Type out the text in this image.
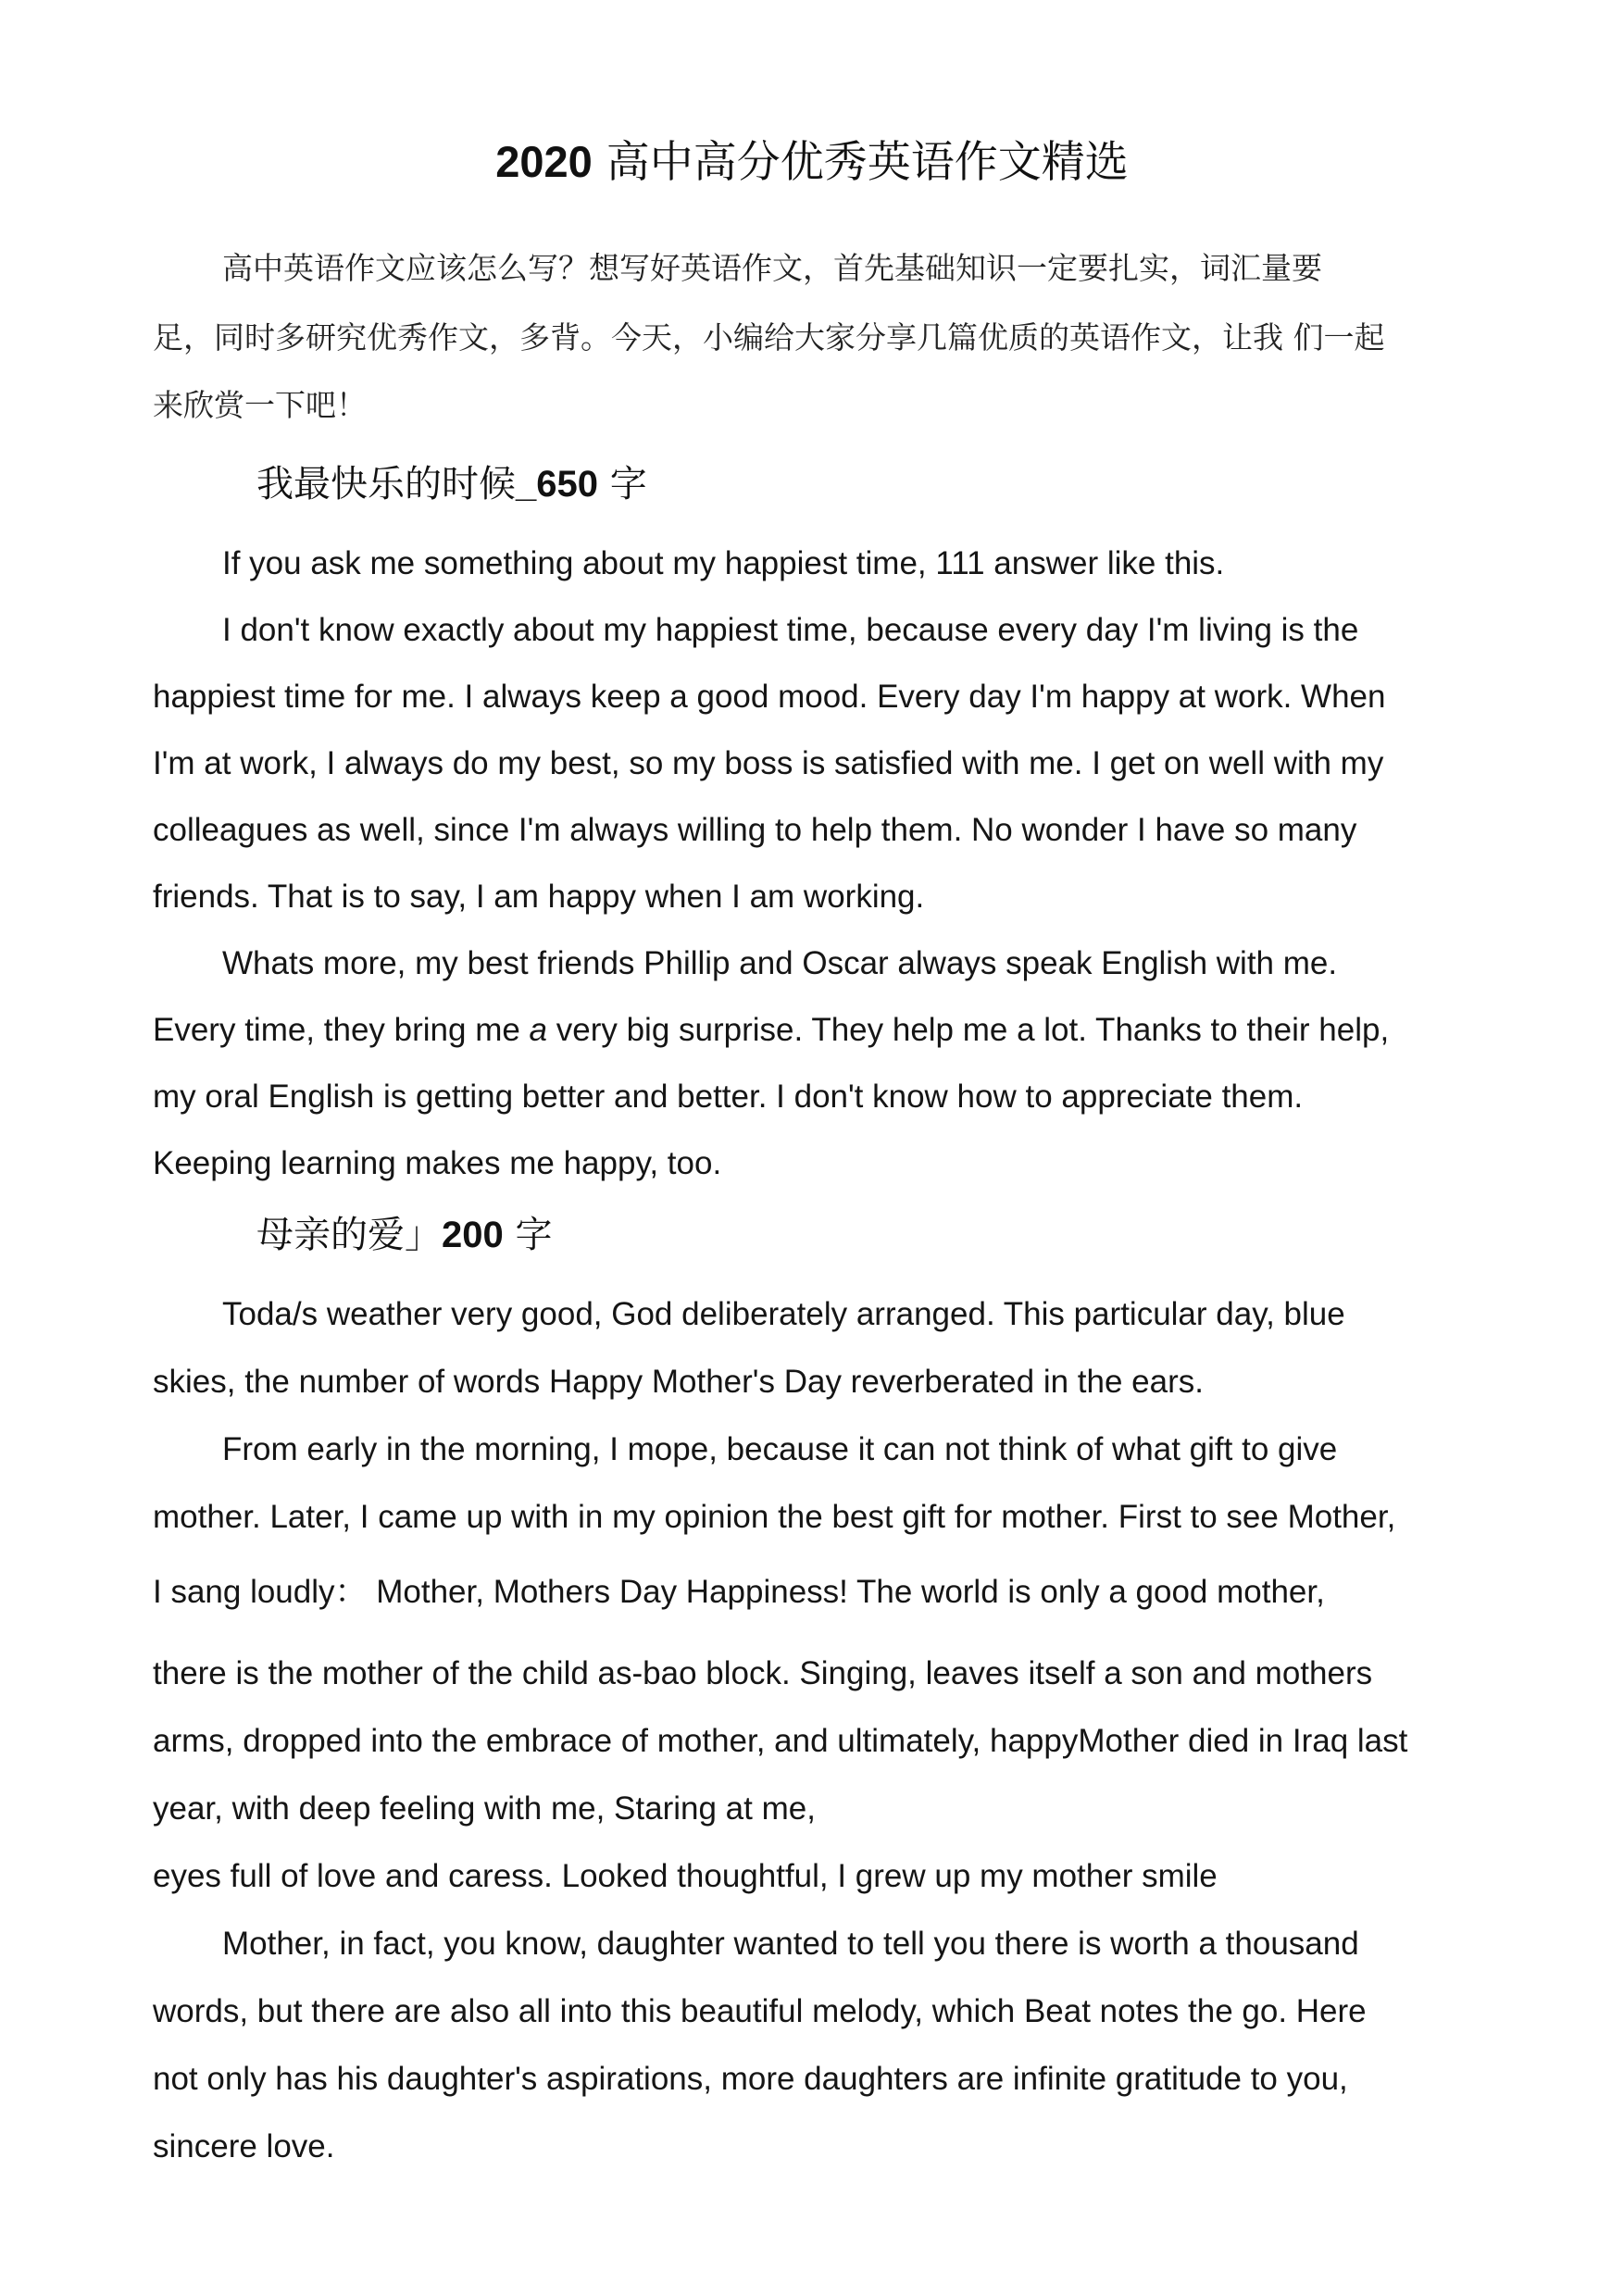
2020 高中高分优秀英语作文精选
高中英语作文应该怎么写？想写好英语作文，首先基础知识一定要扎实，词汇量要
足，同时多研究优秀作文，多背。今天，小编给大家分享几篇优质的英语作文，让我 们一起
来欣赏一下吧！
我最快乐的时候_650 字
If you ask me something about my happiest time, 111 answer like this.
I don't know exactly about my happiest time, because every day I'm living is the
happiest time for me. I always keep a good mood. Every day I'm happy at work. When
I'm at work, I always do my best, so my boss is satisfied with me. I get on well with my
colleagues as well, since I'm always willing to help them. No wonder I have so many
friends. That is to say, I am happy when I am working.
Whats more, my best friends Phillip and Oscar always speak English with me.
Every time, they bring me a very big surprise. They help me a lot. Thanks to their help,
my oral English is getting better and better. I don't know how to appreciate them.
Keeping learning makes me happy, too.
母亲的爱」200 字
Toda/s weather very good, God deliberately arranged. This particular day, blue
skies, the number of words Happy Mother's Day reverberated in the ears.
From early in the morning, I mope, because it can not think of what gift to give
mother. Later, I came up with in my opinion the best gift for mother. First to see Mother,
I sang loudly： Mother, Mothers Day Happiness! The world is only a good mother,
there is the mother of the child as-bao block. Singing, leaves itself a son and mothers
arms, dropped into the embrace of mother, and ultimately, happyMother died in Iraq last
year, with deep feeling with me, Staring at me,
eyes full of love and caress. Looked thoughtful, I grew up my mother smile
Mother, in fact, you know, daughter wanted to tell you there is worth a thousand
words, but there are also all into this beautiful melody, which Beat notes the go. Here
not only has his daughter's aspirations, more daughters are infinite gratitude to you,
sincere love.
